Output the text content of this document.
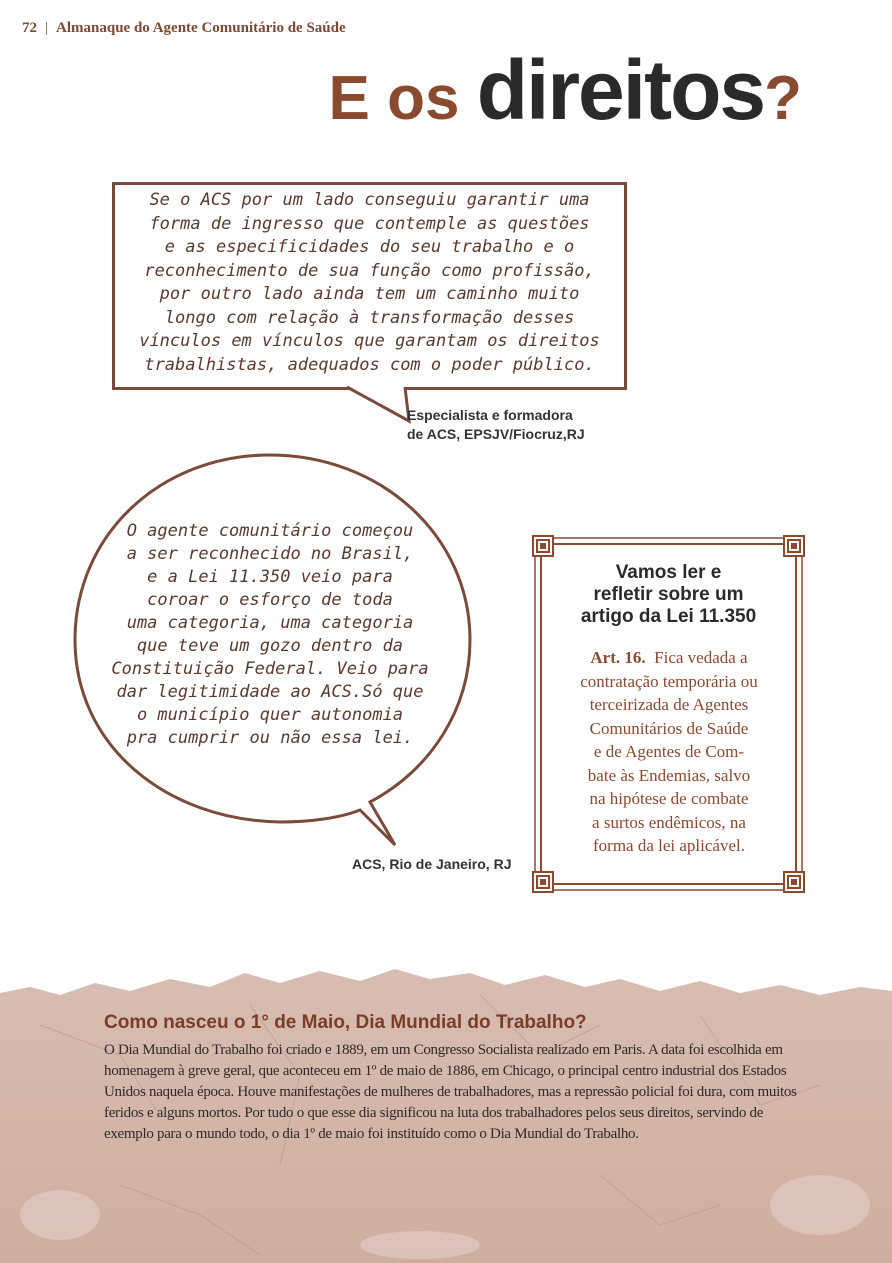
72 | Almanaque do Agente Comunitário de Saúde
E os direitos?
Se o ACS por um lado conseguiu garantir uma
forma de ingresso que contemple as questões
e as especificidades do seu trabalho e o
reconhecimento de sua função como profissão,
por outro lado ainda tem um caminho muito
longo com relação à transformação desses
vínculos em vínculos que garantam os direitos
trabalhistas, adequados com o poder público.
Especialista e formadora
de ACS, EPSJV/Fiocruz,RJ
O agente comunitário começou
a ser reconhecido no Brasil,
e a Lei 11.350 veio para
coroar o esforço de toda
uma categoria, uma categoria
que teve um gozo dentro da
Constituição Federal. Veio para
dar legitimidade ao ACS.Só que
o município quer autonomia
pra cumprir ou não essa lei.
ACS, Rio de Janeiro, RJ
Vamos ler e
refletir sobre um
artigo da Lei 11.350
Art. 16. Fica vedada a
contratação temporária ou
terceirizada de Agentes
Comunitários de Saúde
e de Agentes de Com-
bate às Endemias, salvo
na hipótese de combate
a surtos endêmicos, na
forma da lei aplicável.
Como nasceu o 1° de Maio, Dia Mundial do Trabalho?

O Dia Mundial do Trabalho foi criado e 1889, em um Congresso Socialista realizado em Paris. A data foi escolhida em homenagem à greve geral, que aconteceu em 1º de maio de 1886, em Chicago, o principal centro industrial dos Estados Unidos naquela época. Houve manifestações de mulheres de trabalhadores, mas a repressão policial foi dura, com muitos feridos e alguns mortos. Por tudo o que esse dia significou na luta dos trabalhadores pelos seus direitos, servindo de exemplo para o mundo todo, o dia 1º de maio foi instituído como o Dia Mundial do Trabalho.
